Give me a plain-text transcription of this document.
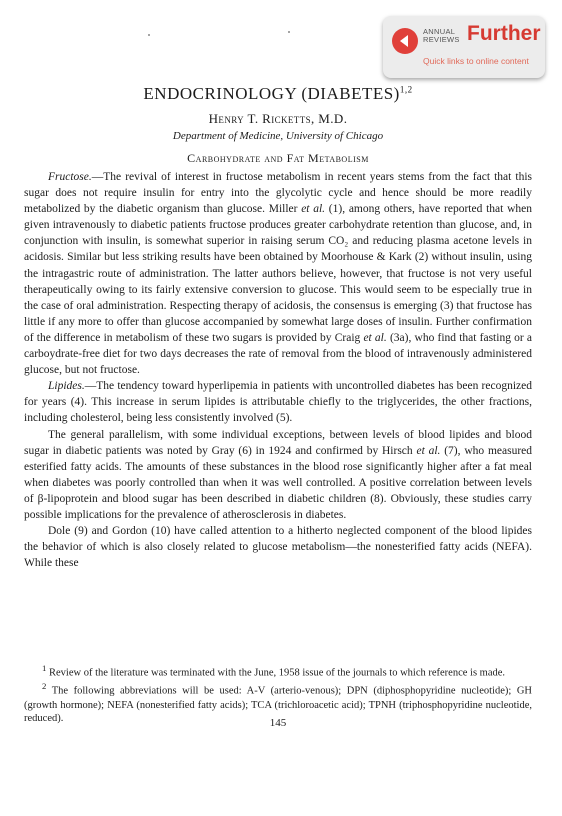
ANNUAL
REVIEWS Further
Quick links to online content
ENDOCRINOLOGY (DIABETES)$^{1,2}$
Henry T. Ricketts, M.D.
Department of Medicine, University of Chicago
Carbohydrate and Fat Metabolism

Fructose.—The revival of interest in fructose metabolism in recent years stems from the fact that this sugar does not require insulin for entry into the glycolytic cycle and hence should be more readily metabolized by the diabetic organism than glucose. Miller et al. (1), among others, have reported that when given intravenously to diabetic patients fructose produces greater carbohydrate retention than glucose, and, in conjunction with insulin, is somewhat superior in raising serum CO₂ and reducing plasma acetone levels in acidosis. Similar but less striking results have been obtained by Moorhouse & Kark (2) without insulin, using the intragastric route of administration. The latter authors believe, however, that fructose is not very useful therapeutically owing to its fairly extensive conversion to glucose. This would seem to be especially true in the case of oral administration. Respecting therapy of acidosis, the consensus is emerging (3) that fructose has little if any more to offer than glucose accompanied by somewhat large doses of insulin. Further confirmation of the difference in metabolism of these two sugars is provided by Craig et al. (3a), who find that fasting or a carboydrate-free diet for two days decreases the rate of removal from the blood of intravenously administered glucose, but not fructose.

Lipides.—The tendency toward hyperlipemia in patients with uncontrolled diabetes has been recognized for years (4). This increase in serum lipides is attributable chiefly to the triglycerides, the other fractions, including cholesterol, being less consistently involved (5).

The general parallelism, with some individual exceptions, between levels of blood lipides and blood sugar in diabetic patients was noted by Gray (6) in 1924 and confirmed by Hirsch et al. (7), who measured esterified fatty acids. The amounts of these substances in the blood rose significantly higher after a fat meal when diabetes was poorly controlled than when it was well controlled. A positive correlation between levels of β-lipoprotein and blood sugar has been described in diabetic children (8). Obviously, these studies carry possible implications for the prevalence of atherosclerosis in diabetes.

Dole (9) and Gordon (10) have called attention to a hitherto neglected component of the blood lipides the behavior of which is also closely related to glucose metabolism—the nonesterified fatty acids (NEFA). While these

$^1$ Review of the literature was terminated with the June, 1958 issue of the journals to which reference is made.

$^2$ The following abbreviations will be used: A-V (arterio-venous); DPN (diphosphopyridine nucleotide); GH (growth hormone); NEFA (nonesterified fatty acids); TCA (trichloroacetic acid); TPNH (triphosphopyridine nucleotide, reduced).	145
